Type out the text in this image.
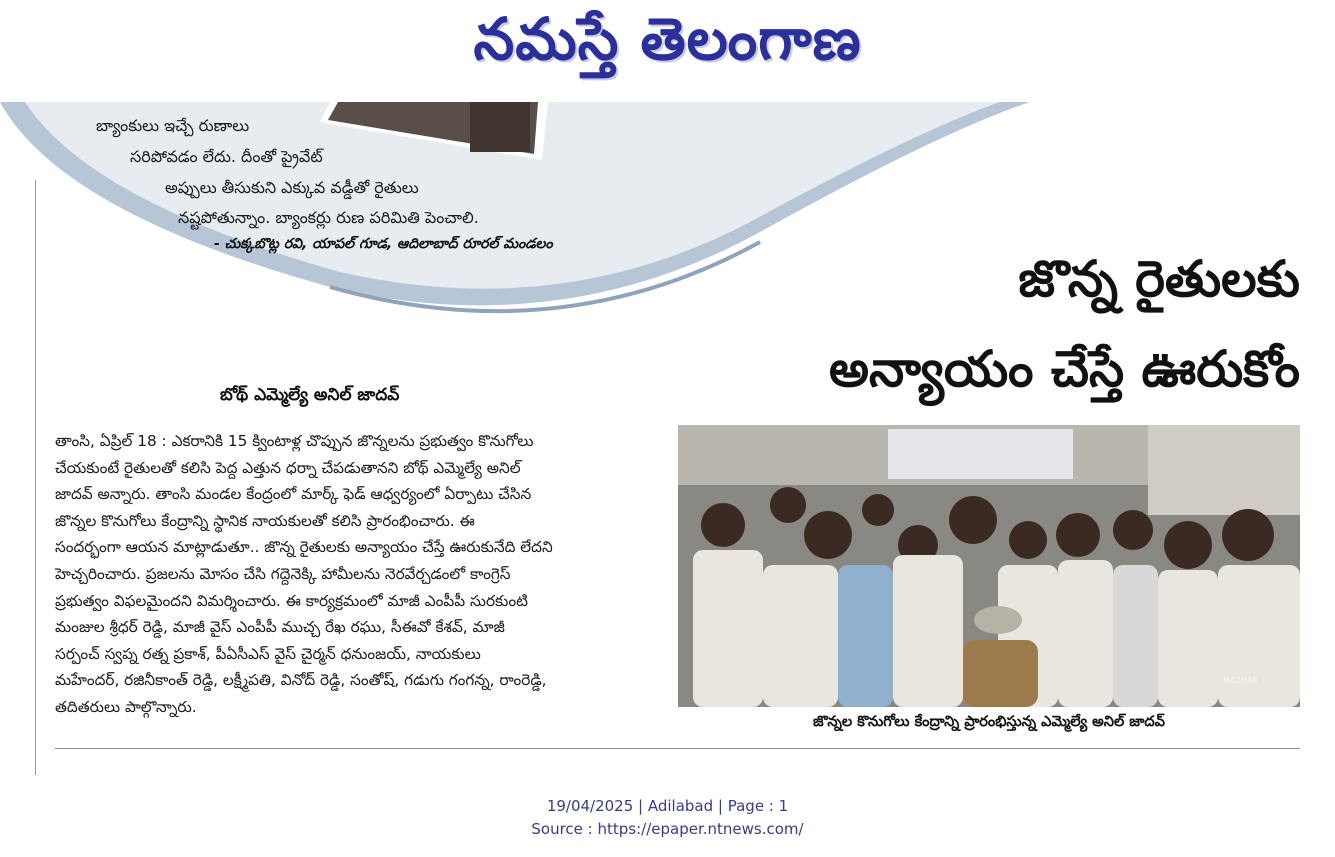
నమస్తే తెలంగాణ
బ్యాంకులు ఇచ్చే రుణాలు
సరిపోవడం లేదు. దీంతో ప్రైవేట్
అప్పులు తీసుకుని ఎక్కువ వడ్డీతో రైతులు
నష్టపోతున్నాం. బ్యాంకర్లు రుణ పరిమితి పెంచాలి.
- చుక్కబొట్ల రవి, యాపల్ గూడ, ఆదిలాబాద్ రూరల్ మండలం
జొన్న రైతులకు
అన్యాయం చేస్తే ఊరుకోం
బోథ్ ఎమ్మెల్యే అనిల్ జాదవ్
తాంసి, ఏప్రిల్ 18 : ఎకరానికి 15 క్వింటాళ్ల చొప్పున జొన్నలను ప్రభుత్వం కొనుగోలు
చేయకుంటే రైతులతో కలిసి పెద్ద ఎత్తున ధర్నా చేపడుతానని బోథ్ ఎమ్మెల్యే అనిల్
జాదవ్ అన్నారు. తాంసి మండల కేంద్రంలో మార్క్ ఫెడ్ ఆధ్వర్యంలో ఏర్పాటు చేసిన
జొన్నల కొనుగోలు కేంద్రాన్ని స్థానిక నాయకులతో కలిసి ప్రారంభించారు. ఈ
సందర్భంగా ఆయన మాట్లాడుతూ.. జొన్న రైతులకు అన్యాయం చేస్తే ఊరుకునేది లేదని
హెచ్చరించారు. ప్రజలను మోసం చేసి గద్దెనెక్కి హామీలను నెరవేర్చడంలో కాంగ్రెస్
ప్రభుత్వం విఫలమైందని విమర్శించారు. ఈ కార్యక్రమంలో మాజీ ఎంపీపీ సురకుంటి
మంజుల శ్రీధర్ రెడ్డి, మాజీ వైస్ ఎంపీపీ ముచ్చ రేఖ రఘు, సీఈవో కేశవ్, మాజీ
సర్పంచ్ స్వప్న రత్న ప్రకాశ్, పీఏసీఎస్ వైస్ చైర్మన్ ధనుంజయ్, నాయకులు
మహేందర్, రజినీకాంత్ రెడ్డి, లక్ష్మీపతి, వినోద్ రెడ్డి, సంతోష్, గడుగు గంగన్న, రాంరెడ్డి,
తదితరులు పాల్గొన్నారు.
MAZHAR
జొన్నల కొనుగోలు కేంద్రాన్ని ప్రారంభిస్తున్న ఎమ్మెల్యే అనిల్ జాదవ్
19/04/2025 | Adilabad | Page : 1
Source : https://epaper.ntnews.com/
